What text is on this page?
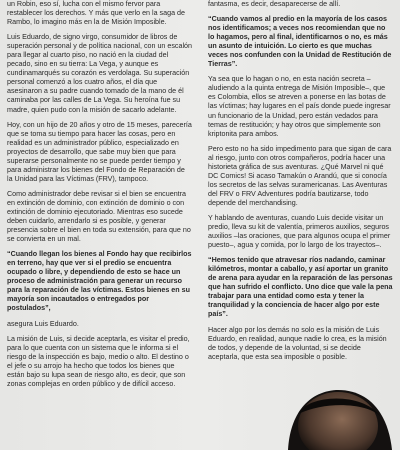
un Robin, eso sí, lucha con el mismo fervor para restablecer los derechos. Y más que verlo en la saga de Rambo, lo imagino más en la de Misión Imposible.

Luis Eduardo, de signo virgo, consumidor de libros de superación personal y de política nacional, con un escalón para llegar al cuarto piso, no nació en la ciudad del pecado, sino en su tierra: La Vega, y aunque es cundinamarqués su corazón es verdolaga. Su superación personal comenzó a los cuatro años, el día que asesinaron a su padre cuando tomado de la mano de él caminaba por las calles de La Vega. Su heroína fue su madre, quien pudo con la misión de sacarlo adelante.

Hoy, con un hijo de 20 años y otro de 15 meses, parecería que se toma su tiempo para hacer las cosas, pero en realidad es un administrador público, especializado en proyectos de desarrollo, que sabe muy bien que para superarse personalmente no se puede perder tiempo y para administrar los bienes del Fondo de Reparación de la Unidad para las Víctimas (FRV), tampoco.

Como administrador debe revisar si el bien se encuentra en extinción de dominio, con extinción de dominio o con extinción de dominio ejecutoriado. Mientras eso sucede deben cuidarlo, arrendarlo si es posible, y generar presencia sobre el bien en toda su extensión, para que no se convierta en un mal.

“Cuando llegan los bienes al Fondo hay que recibirlos en terreno, hay que ver si el predio se encuentra ocupado o libre, y dependiendo de esto se hace un proceso de administración para generar un recurso para la reparación de las víctimas. Estos bienes en su mayoría son incautados o entregados por postulados”,

asegura Luis Eduardo.

La misión de Luis, si decide aceptarla, es visitar el predio, para lo que cuenta con un sistema que le informa si el riesgo de la inspección es bajo, medio o alto. El destino o el jefe o su arrojo ha hecho que todos los bienes que están bajo su lupa sean de riesgo alto, es decir, que son zonas complejas en orden público y de difícil acceso.

fantasma, es decir, desaparecerse de allí.

“Cuando vamos al predio en la mayoría de los casos nos identificamos; a veces nos recomiendan que no lo hagamos, pero al final, identificarnos o no, es más un asunto de intuición. Lo cierto es que muchas veces nos confunden con la Unidad de Restitución de Tierras”.

Ya sea que lo hagan o no, en esta nación secreta –aludiendo a la quinta entrega de Misión Imposible–, que es Colombia, ellos se atreven a ponerse en las botas de las víctimas; hay lugares en el país donde puede ingresar un funcionario de la Unidad, pero están vedados para temas de restitución; y hay otros que simplemente son kriptonita para ambos.

Pero esto no ha sido impedimento para que sigan de cara al riesgo, junto con otros compañeros, podría hacer una historieta gráfica de sus aventuras. ¿Qué Marvel ni qué DC Comics! Si acaso Tamakún o Arandú, que si conocía los secretos de las selvas suramericanas. Las Aventuras del FRV o FRV Adventures podría bautizarse, todo depende del merchandising.

Y hablando de aventuras, cuando Luis decide visitar un predio, lleva su kit de valentía, primeros auxilios, seguros auxilios –las oraciones, que para algunos ocupa el primer puesto–, agua y comida, por lo largo de los trayectos–.

“Hemos tenido que atravesar ríos nadando, caminar kilómetros, montar a caballo, y así aportar un granito de arena para ayudar en la reparación de las personas que han sufrido el conflicto. Uno dice que vale la pena trabajar para una entidad como esta y tener la tranquilidad y la conciencia de hacer algo por este país”.

Hacer algo por los demás no solo es la misión de Luis Eduardo, en realidad, aunque nadie lo crea, es la misión de todos, y depende de la voluntad, si se decide aceptarla, que esta sea imposible o posible.
